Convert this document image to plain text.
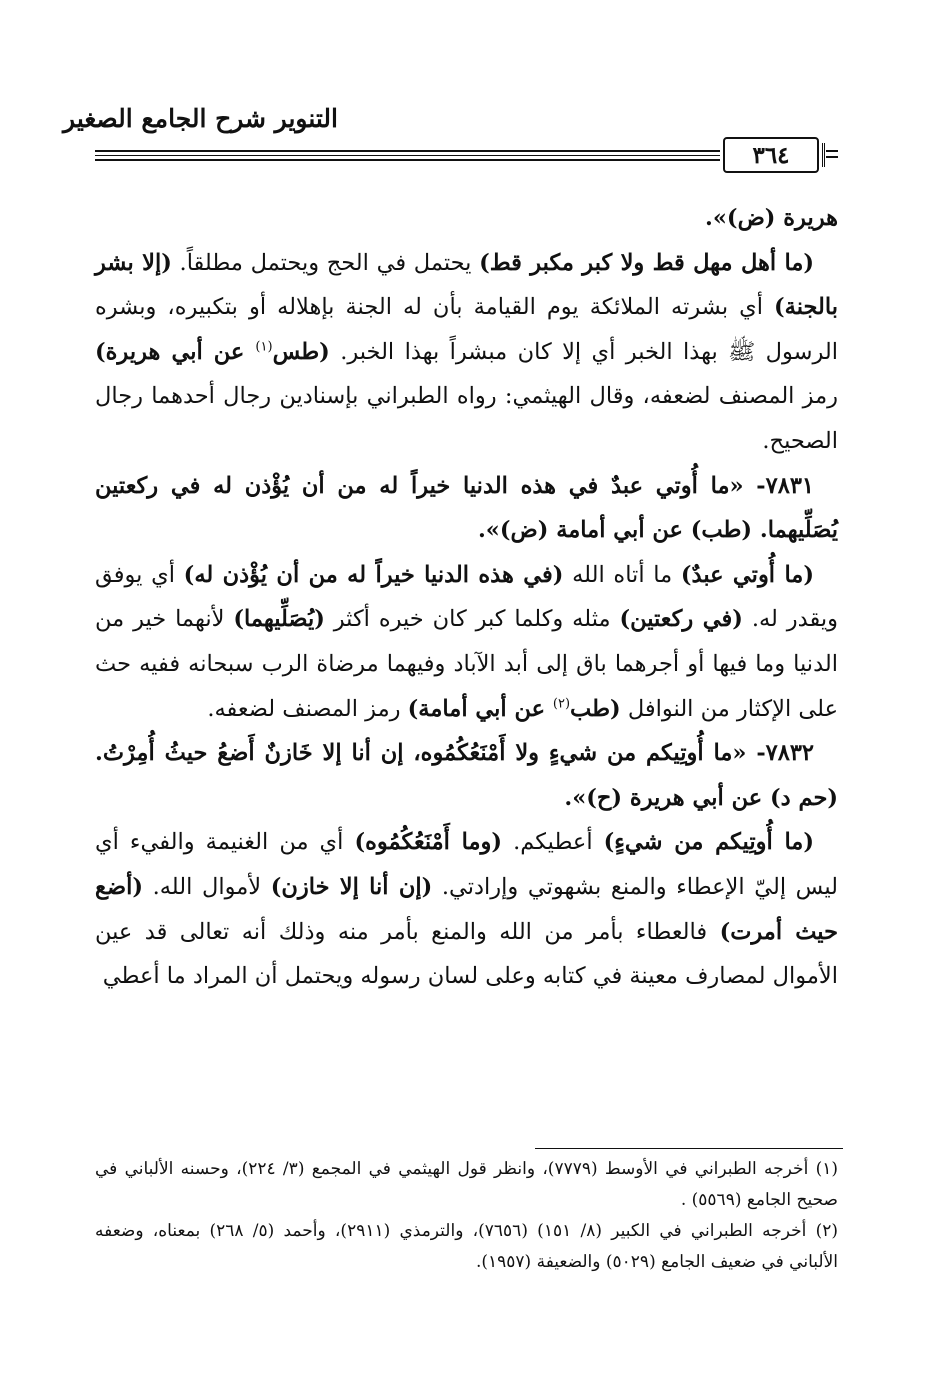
التنوير شرح الجامع الصغير
٣٦٤

هريرة (ض)».

(ما أهل مهل قط ولا كبر مكبر قط) يحتمل في الحج ويحتمل مطلقاً. (إلا بشر بالجنة) أي بشرته الملائكة يوم القيامة بأن له الجنة بإهلاله أو بتكبيره، وبشره الرسول ﷺ بهذا الخبر أي إلا كان مبشراً بهذا الخبر. (طس$^{(١)}$ عن أبي هريرة) رمز المصنف لضعفه، وقال الهيثمي: رواه الطبراني بإسنادين رجال أحدهما رجال الصحيح.

٧٨٣١- «ما أُوتي عبدٌ في هذه الدنيا خيراً له من أن يُؤْذن له في ركعتين يُصَلِّيهما. (طب) عن أبي أمامة (ض)».

(ما أُوتي عبدٌ) ما أتاه الله (في هذه الدنيا خيراً له من أن يُؤْذن له) أي يوفق ويقدر له. (في ركعتين) مثله وكلما كبر كان خيره أكثر (يُصَلِّيهما) لأنهما خير من الدنيا وما فيها أو أجرهما باق إلى أبد الآباد وفيهما مرضاة الرب سبحانه ففيه حث على الإكثار من النوافل (طب$^{(٢)}$ عن أبي أمامة) رمز المصنف لضعفه.

٧٨٣٢- «ما أُوتِيكم من شيءٍ ولا أَمْنَعُكُمُوه، إن أنا إلا خَازنٌ أَضعُ حيثُ أُمِرْتُ. (حم د) عن أبي هريرة (ح)».

(ما أُوتِيكم من شيءٍ) أعطيكم. (وما أَمْنَعُكُمُوه) أي من الغنيمة والفيء أي ليس إليّ الإعطاء والمنع بشهوتي وإرادتي. (إن أنا إلا خازن) لأموال الله. (أضع حيث أمرت) فالعطاء بأمر من الله والمنع بأمر منه وذلك أنه تعالى قد عين الأموال لمصارف معينة في كتابه وعلى لسان رسوله ويحتمل أن المراد ما أعطي

(١) أخرجه الطبراني في الأوسط (٧٧٧٩)، وانظر قول الهيثمي في المجمع (٣/ ٢٢٤)، وحسنه الألباني في صحيح الجامع (٥٥٦٩) .

(٢) أخرجه الطبراني في الكبير (٨/ ١٥١) (٧٦٥٦)، والترمذي (٢٩١١)، وأحمد (٥/ ٢٦٨) بمعناه، وضعفه الألباني في ضعيف الجامع (٥٠٢٩) والضعيفة (١٩٥٧).
